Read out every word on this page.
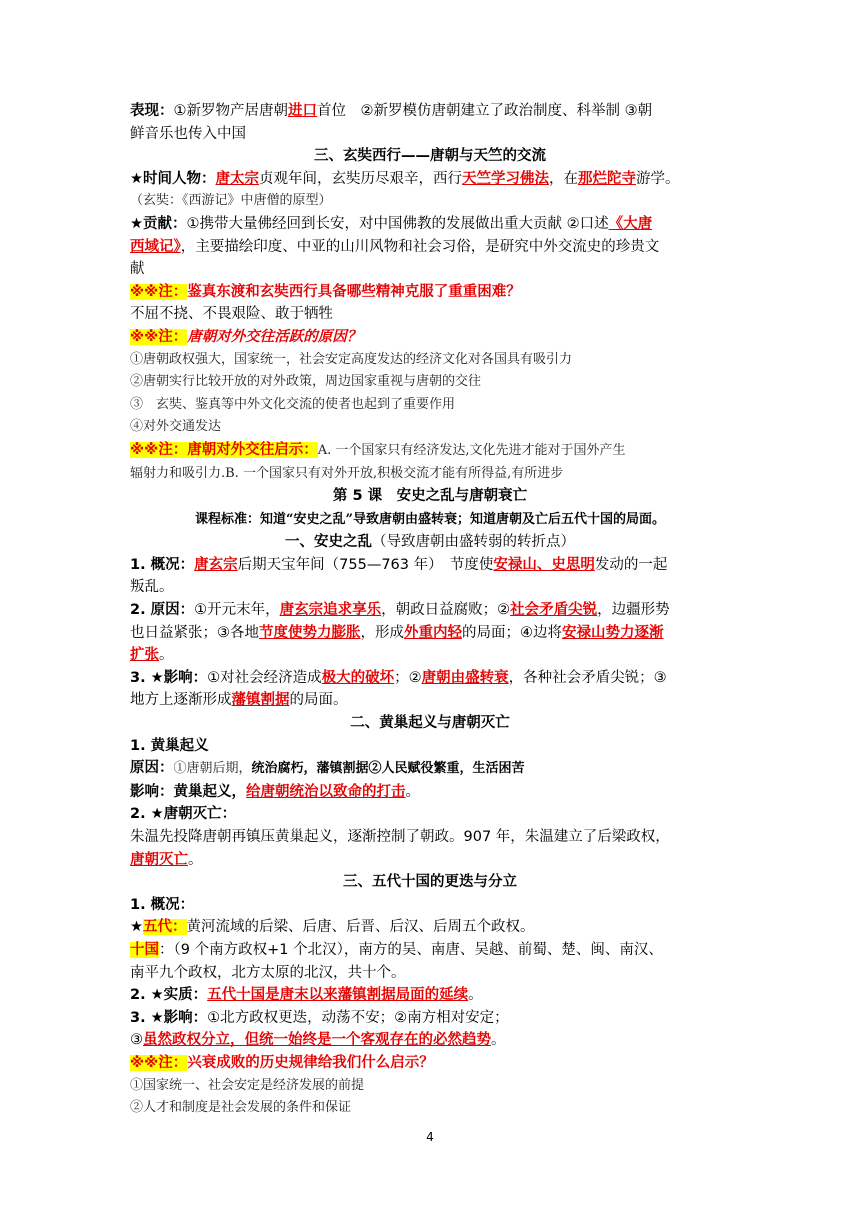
表现：①新罗物产居唐朝进口首位　②新罗模仿唐朝建立了政治制度、科举制 ③朝
鲜音乐也传入中国
三、玄奘西行——唐朝与天竺的交流
★时间人物：唐太宗贞观年间，玄奘历尽艰辛，西行天竺学习佛法，在那烂陀寺游学。
（玄奘：《西游记》中唐僧的原型）
★贡献：①携带大量佛经回到长安，对中国佛教的发展做出重大贡献 ②口述《大唐
西域记》，主要描绘印度、中亚的山川风物和社会习俗，是研究中外交流史的珍贵文
献
※※注：鉴真东渡和玄奘西行具备哪些精神克服了重重困难？
不屈不挠、不畏艰险、敢于牺牲
※※注：唐朝对外交往活跃的原因？
①唐朝政权强大，国家统一，社会安定高度发达的经济文化对各国具有吸引力
②唐朝实行比较开放的对外政策，周边国家重视与唐朝的交往
③　玄奘、鉴真等中外文化交流的使者也起到了重要作用
④对外交通发达
※※注：唐朝对外交往启示：A. 一个国家只有经济发达,文化先进才能对于国外产生
辐射力和吸引力.B. 一个国家只有对外开放,积极交流才能有所得益,有所进步
第 5 课　安史之乱与唐朝衰亡
课程标准：知道“安史之乱”导致唐朝由盛转衰；知道唐朝及亡后五代十国的局面。
一、安史之乱（导致唐朝由盛转弱的转折点）
1. 概况：唐玄宗后期天宝年间（755—763 年）　节度使安禄山、史思明发动的一起
叛乱。
2. 原因：①开元末年，唐玄宗追求享乐，朝政日益腐败；②社会矛盾尖锐，边疆形势
也日益紧张；③各地节度使势力膨胀，形成外重内轻的局面；④边将安禄山势力逐渐
扩张。
3. ★影响：①对社会经济造成极大的破坏；②唐朝由盛转衰，各种社会矛盾尖锐；③
地方上逐渐形成藩镇割据的局面。
二、黄巢起义与唐朝灭亡
1. 黄巢起义
原因：①唐朝后期，统治腐朽，藩镇割据②人民赋役繁重，生活困苦
影响：黄巢起义，给唐朝统治以致命的打击。
2. ★唐朝灭亡：
朱温先投降唐朝再镇压黄巢起义，逐渐控制了朝政。907 年，朱温建立了后梁政权，
唐朝灭亡。
三、五代十国的更迭与分立
1. 概况：
★五代：黄河流域的后梁、后唐、后晋、后汉、后周五个政权。
十国：（9 个南方政权+1 个北汉），南方的吴、南唐、吴越、前蜀、楚、闽、南汉、
南平九个政权，北方太原的北汉，共十个。
2. ★实质：五代十国是唐末以来藩镇割据局面的延续。
3. ★影响：①北方政权更迭，动荡不安；②南方相对安定；
③虽然政权分立，但统一始终是一个客观存在的必然趋势。
※※注：兴衰成败的历史规律给我们什么启示？
①国家统一、社会安定是经济发展的前提
②人才和制度是社会发展的条件和保证
4
